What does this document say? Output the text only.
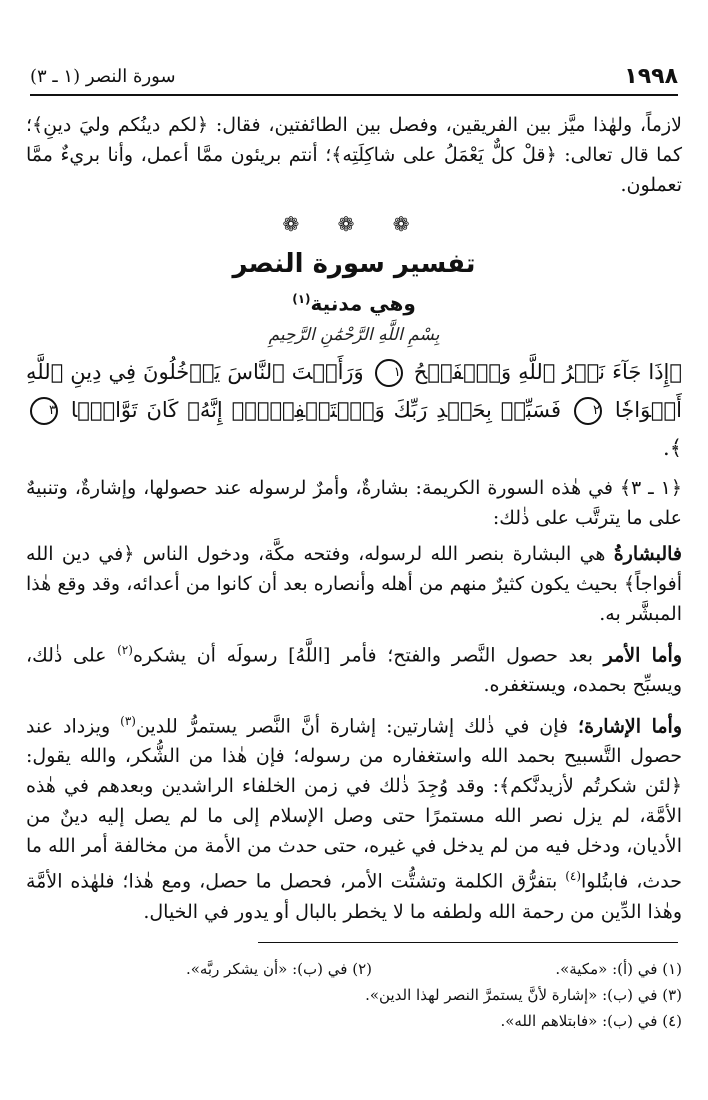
١٩٩٨
سورة النصر (١ ـ ٣)

لازماً، ولهٰذا ميَّز بين الفريقين، وفصل بين الطائفتين، فقال: ﴿لكم دينُكم وليَ دينِ﴾؛ كما قال تعالى: ﴿قلْ كلٌّ يَعْمَلُ على شاكِلَتِه﴾؛ أنتم بريئون ممَّا أعمل، وأنا بريءٌ ممَّا تعملون.

❁ ❁ ❁
تفسير سورة النصر
وهي مدنية$^{(١)}$
بِسْمِ اللَّهِ الرَّحْمَٰنِ الرَّحِيمِ

﴿إِذَا جَآءَ نَصۡرُ ٱللَّهِ وَٱلۡفَتۡحُ ١ وَرَأَيۡتَ ٱلنَّاسَ يَدۡخُلُونَ فِي دِينِ ٱللَّهِ أَفۡوَاجٗا ٢ فَسَبِّحۡ بِحَمۡدِ رَبِّكَ وَٱسۡتَغۡفِرۡهُۚ إِنَّهُۥ كَانَ تَوَّابَۢا ٣ ﴾.

﴿١ ـ ٣﴾ في هٰذه السورة الكريمة: بشارةٌ، وأمرٌ لرسوله عند حصولها، وإشارةٌ، وتنبيهٌ على ما يترتَّب على ذٰلك:

فالبشارةُ هي البشارة بنصر الله لرسوله، وفتحه مكَّة، ودخول الناس ﴿في دين الله أفواجاً﴾ بحيث يكون كثيرٌ منهم من أهله وأنصاره بعد أن كانوا من أعدائه، وقد وقع هٰذا المبشَّر به.

وأما الأمر بعد حصول النَّصر والفتح؛ فأمر [اللَّهُ] رسولَه أن يشكره$^{(٢)}$ على ذٰلك، ويسبِّح بحمده، ويستغفره.

وأما الإشارة؛ فإن في ذٰلك إشارتين: إشارة أنَّ النَّصر يستمرُّ للدين$^{(٣)}$ ويزداد عند حصول التَّسبيح بحمد الله واستغفاره من رسوله؛ فإن هٰذا من الشُّكر، والله يقول: ﴿لئن شكرتُم لأزيدنَّكم﴾: وقد وُجِدَ ذٰلك في زمن الخلفاء الراشدين وبعدهم في هٰذه الأمَّة، لم يزل نصر الله مستمرًا حتى وصل الإسلام إلى ما لم يصل إليه دينٌ من الأديان، ودخل فيه من لم يدخل في غيره، حتى حدث من الأمة من مخالفة أمر الله ما حدث، فابتُلوا$^{(٤)}$ بتفرُّق الكلمة وتشتُّت الأمر، فحصل ما حصل، ومع هٰذا؛ فلهٰذه الأمَّة وهٰذا الدِّين من رحمة الله ولطفه ما لا يخطر بالبال أو يدور في الخيال.

(١) في (أ): «مكية».
(٢) في (ب): «أن يشكر ربَّه».
(٣) في (ب): «إشارة لأنَّ يستمرَّ النصر لهذا الدين».
(٤) في (ب): «فابتلاهم الله».
